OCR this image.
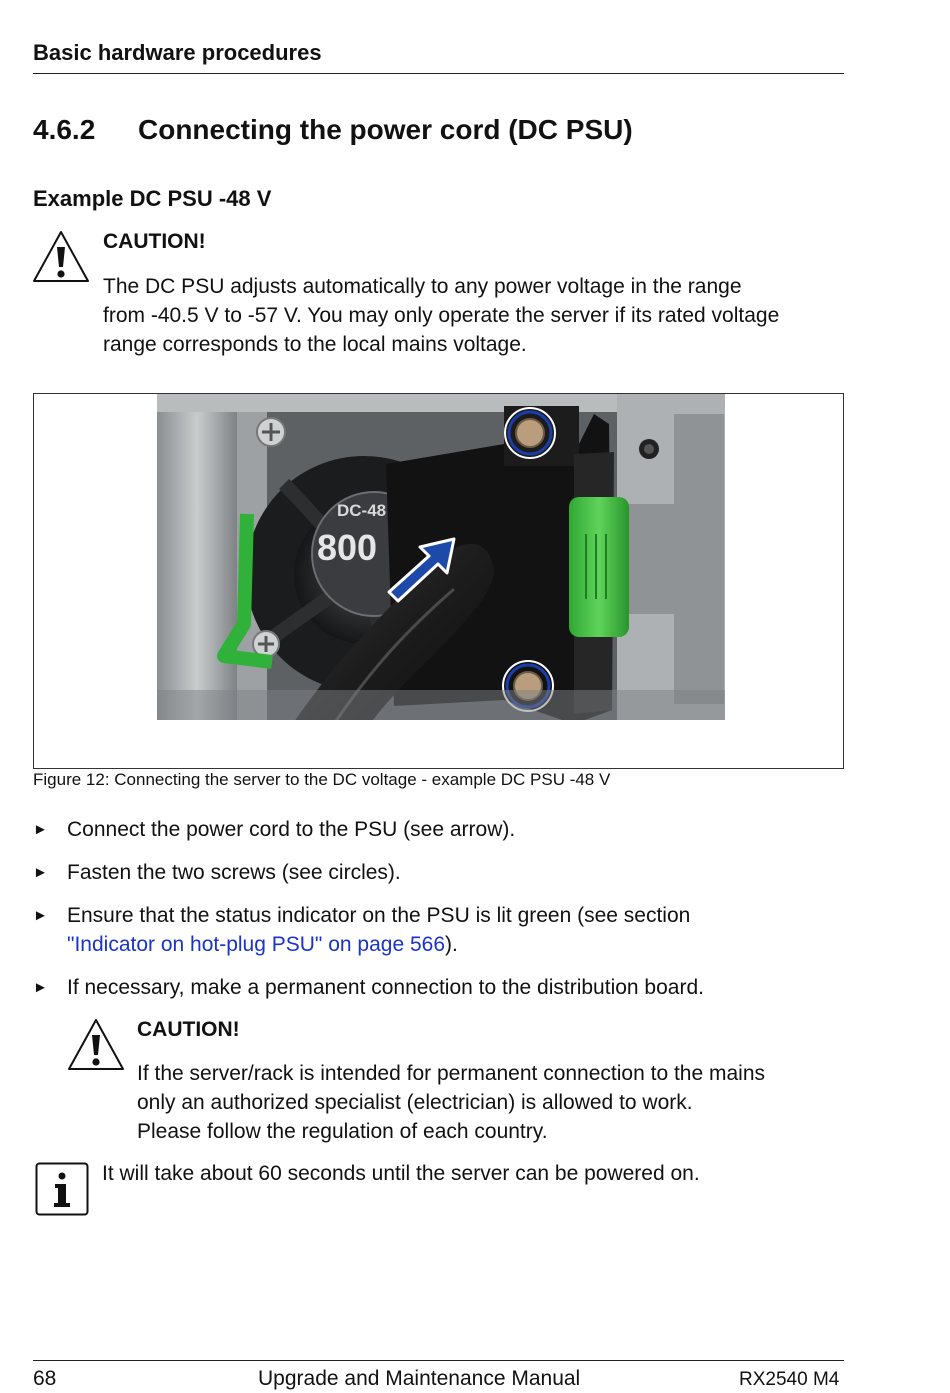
Basic hardware procedures
4.6.2 Connecting the power cord (DC PSU)
Example DC PSU -48 V
CAUTION!
The DC PSU adjusts automatically to any power voltage in the range
from -40.5 V to -57 V. You may only operate the server if its rated voltage
range corresponds to the local mains voltage.
DC-48
800
Figure 12: Connecting the server to the DC voltage - example DC PSU -48 V
► Connect the power cord to the PSU (see arrow).
► Fasten the two screws (see circles).
► Ensure that the status indicator on the PSU is lit green (see section
"Indicator on hot-plug PSU" on page 566).
► If necessary, make a permanent connection to the distribution board.
CAUTION!
If the server/rack is intended for permanent connection to the mains
only an authorized specialist (electrician) is allowed to work.
Please follow the regulation of each country.
It will take about 60 seconds until the server can be powered on.
68	Upgrade and Maintenance Manual	RX2540 M4
